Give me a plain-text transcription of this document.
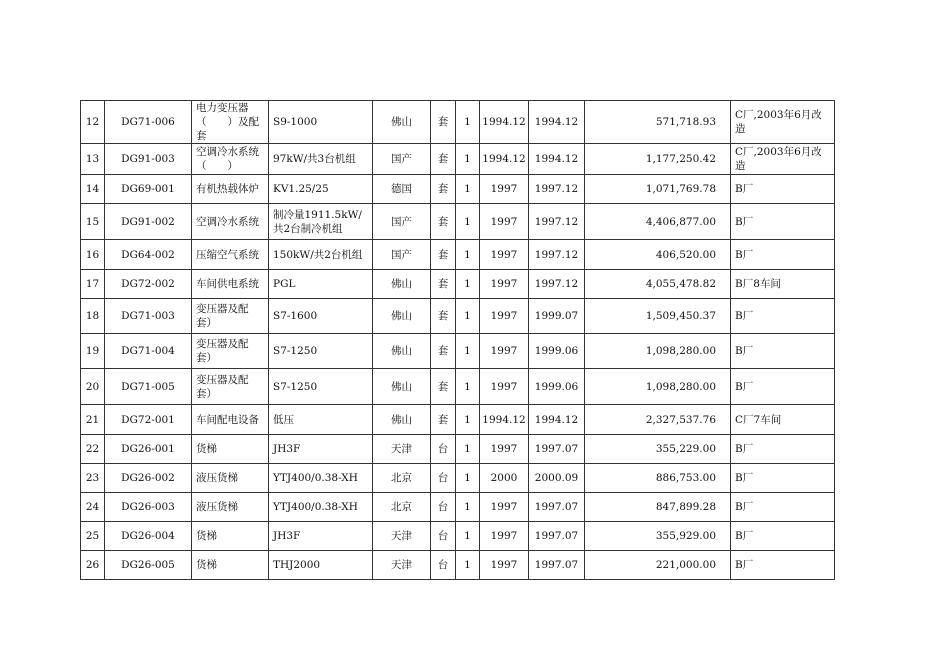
12	DG71-006	电力变压器（　　）及配套	S9-1000	佛山	套	1	1994.12	1994.12	571,718.93	C厂,2003年6月改造
13	DG91-003	空调冷水系统（　　）	97kW/共3台机组	国产	套	1	1994.12	1994.12	1,177,250.42	C厂,2003年6月改造
14	DG69-001	有机热载体炉	KV1.25/25	德国	套	1	1997	1997.12	1,071,769.78	B厂
15	DG91-002	空调冷水系统	制冷量1911.5kW/共2台制冷机组	国产	套	1	1997	1997.12	4,406,877.00	B厂
16	DG64-002	压缩空气系统	150kW/共2台机组	国产	套	1	1997	1997.12	406,520.00	B厂
17	DG72-002	车间供电系统	PGL	佛山	套	1	1997	1997.12	4,055,478.82	B厂8车间
18	DG71-003	变压器及配套）	S7-1600	佛山	套	1	1997	1999.07	1,509,450.37	B厂
19	DG71-004	变压器及配套）	S7-1250	佛山	套	1	1997	1999.06	1,098,280.00	B厂
20	DG71-005	变压器及配套）	S7-1250	佛山	套	1	1997	1999.06	1,098,280.00	B厂
21	DG72-001	车间配电设备	低压	佛山	套	1	1994.12	1994.12	2,327,537.76	C厂7车间
22	DG26-001	货梯	JH3F	天津	台	1	1997	1997.07	355,229.00	B厂
23	DG26-002	液压货梯	YTJ400/0.38-XH	北京	台	1	2000	2000.09	886,753.00	B厂
24	DG26-003	液压货梯	YTJ400/0.38-XH	北京	台	1	1997	1997.07	847,899.28	B厂
25	DG26-004	货梯	JH3F	天津	台	1	1997	1997.07	355,929.00	B厂
26	DG26-005	货梯	THJ2000	天津	台	1	1997	1997.07	221,000.00	B厂
